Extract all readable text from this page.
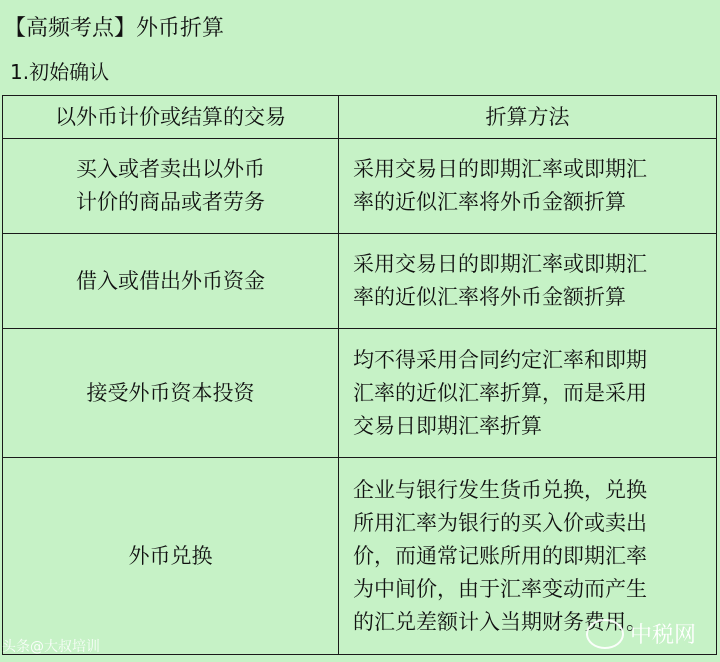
【高频考点】外币折算
1.初始确认
以外币计价或结算的交易	折算方法

买入或者卖出以外币
计价的商品或者劳务	采用交易日的即期汇率或即期汇
率的近似汇率将外币金额折算

借入或借出外币资金	采用交易日的即期汇率或即期汇
率的近似汇率将外币金额折算

接受外币资本投资	均不得采用合同约定汇率和即期
汇率的近似汇率折算，而是采用
交易日即期汇率折算

外币兑换	企业与银行发生货币兑换，兑换
所用汇率为银行的买入价或卖出
价，而通常记账所用的即期汇率
为中间价，由于汇率变动而产生
的汇兑差额计入当期财务费用。
头条@大叔培训	中税网
